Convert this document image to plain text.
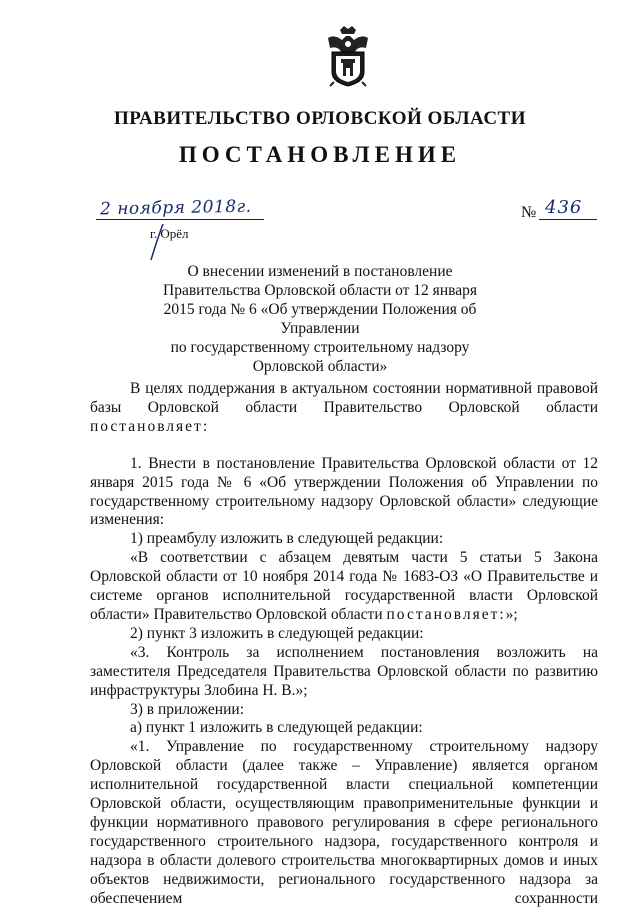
ПРАВИТЕЛЬСТВО ОРЛОВСКОЙ ОБЛАСТИ
ПОСТАНОВЛЕНИЕ
2 ноября 2018г.
г. Орёл
№ 436
О внесении изменений в постановление
Правительства Орловской области от 12 января
2015 года № 6 «Об утверждении Положения об Управлении
по государственному строительному надзору
Орловской области»

В целях поддержания в актуальном состоянии нормативной правовой базы Орловской области Правительство Орловской области постановляет:

1. Внести в постановление Правительства Орловской области от 12 января 2015 года № 6 «Об утверждении Положения об Управлении по государственному строительному надзору Орловской области» следующие изменения:

1) преамбулу изложить в следующей редакции:

«В соответствии с абзацем девятым части 5 статьи 5 Закона Орловской области от 10 ноября 2014 года № 1683-ОЗ «О Правительстве и системе органов исполнительной государственной власти Орловской области» Правительство Орловской области постановляет:»;

2) пункт 3 изложить в следующей редакции:

«3. Контроль за исполнением постановления возложить на заместителя Председателя Правительства Орловской области по развитию инфраструктуры Злобина Н. В.»;

3) в приложении:

а) пункт 1 изложить в следующей редакции:

«1. Управление по государственному строительному надзору Орловской области (далее также – Управление) является органом исполнительной государственной власти специальной компетенции Орловской области, осуществляющим правоприменительные функции и функции нормативного правового регулирования в сфере регионального государственного строительного надзора, государственного контроля и надзора в области долевого строительства многоквартирных домов и иных объектов недвижимости, регионального государственного надзора за обеспечением сохранности
